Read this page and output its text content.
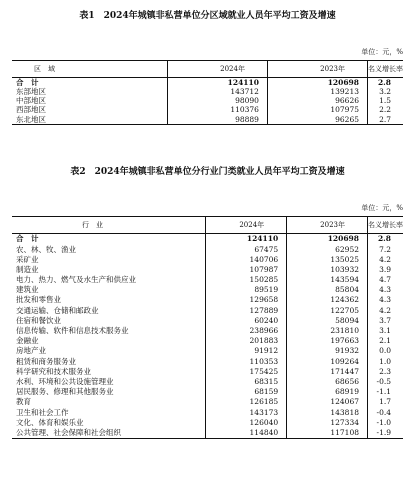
表1　2024年城镇非私营单位分区域就业人员年平均工资及增速
单位：元，%
区　域	2024年	2023年	名义增长率
合　计	124110	120698	2.8
东部地区	143712	139213	3.2
中部地区	98090	96626	1.5
西部地区	110376	107975	2.2
东北地区	98889	96265	2.7
表2　2024年城镇非私营单位分行业门类就业人员年平均工资及增速
单位：元，%
行　业	2024年	2023年	名义增长率
合　计	124110	120698	2.8
农、林、牧、渔业	67475	62952	7.2
采矿业	140706	135025	4.2
制造业	107987	103932	3.9
电力、热力、燃气及水生产和供应业	150285	143594	4.7
建筑业	89519	85804	4.3
批发和零售业	129658	124362	4.3
交通运输、仓储和邮政业	127889	122705	4.2
住宿和餐饮业	60240	58094	3.7
信息传输、软件和信息技术服务业	238966	231810	3.1
金融业	201883	197663	2.1
房地产业	91912	91932	0.0
租赁和商务服务业	110353	109264	1.0
科学研究和技术服务业	175425	171447	2.3
水利、环境和公共设施管理业	68315	68656	-0.5
居民服务、修理和其他服务业	68159	68919	-1.1
教育	126185	124067	1.7
卫生和社会工作	143173	143818	-0.4
文化、体育和娱乐业	126040	127334	-1.0
公共管理、社会保障和社会组织	114840	117108	-1.9
